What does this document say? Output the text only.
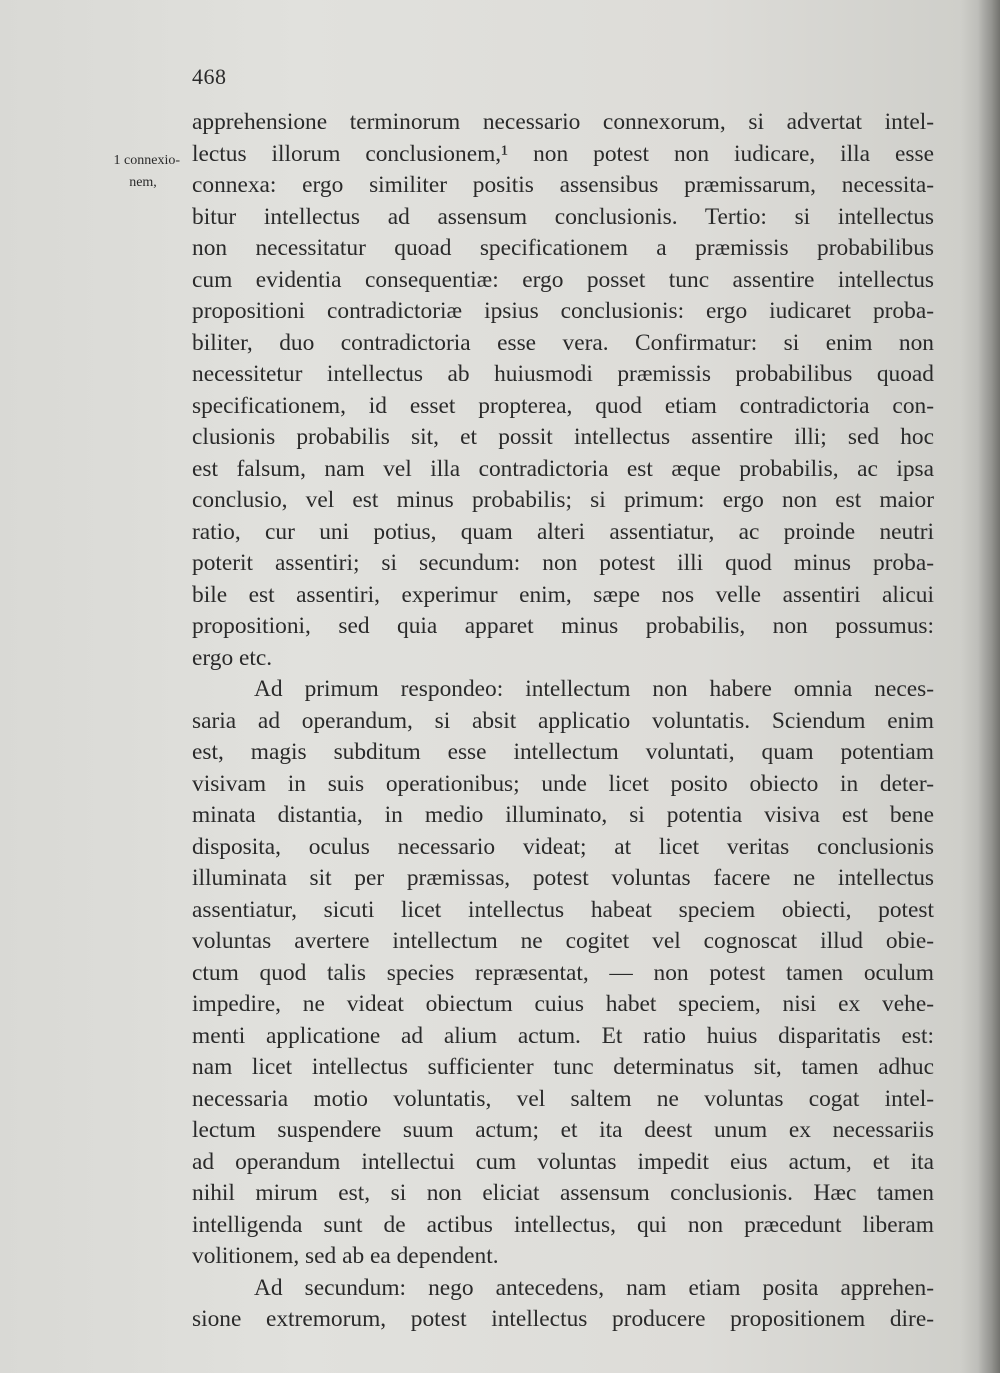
468
1 connexio-
nem,
apprehensione terminorum necessario connexorum, si advertat intel-
lectus illorum conclusionem,¹ non potest non iudicare, illa esse
connexa: ergo similiter positis assensibus præmissarum, necessita-
bitur intellectus ad assensum conclusionis. Tertio: si intellectus
non necessitatur quoad specificationem a præmissis probabilibus
cum evidentia consequentiæ: ergo posset tunc assentire intellectus
propositioni contradictoriæ ipsius conclusionis: ergo iudicaret proba-
biliter, duo contradictoria esse vera. Confirmatur: si enim non
necessitetur intellectus ab huiusmodi præmissis probabilibus quoad
specificationem, id esset propterea, quod etiam contradictoria con-
clusionis probabilis sit, et possit intellectus assentire illi; sed hoc
est falsum, nam vel illa contradictoria est æque probabilis, ac ipsa
conclusio, vel est minus probabilis; si primum: ergo non est maior
ratio, cur uni potius, quam alteri assentiatur, ac proinde neutri
poterit assentiri; si secundum: non potest illi quod minus proba-
bile est assentiri, experimur enim, sæpe nos velle assentiri alicui
propositioni, sed quia apparet minus probabilis, non possumus:
ergo etc.
Ad primum respondeo: intellectum non habere omnia neces-
saria ad operandum, si absit applicatio voluntatis. Sciendum enim
est, magis subditum esse intellectum voluntati, quam potentiam
visivam in suis operationibus; unde licet posito obiecto in deter-
minata distantia, in medio illuminato, si potentia visiva est bene
disposita, oculus necessario videat; at licet veritas conclusionis
illuminata sit per præmissas, potest voluntas facere ne intellectus
assentiatur, sicuti licet intellectus habeat speciem obiecti, potest
voluntas avertere intellectum ne cogitet vel cognoscat illud obie-
ctum quod talis species repræsentat, — non potest tamen oculum
impedire, ne videat obiectum cuius habet speciem, nisi ex vehe-
menti applicatione ad alium actum. Et ratio huius disparitatis est:
nam licet intellectus sufficienter tunc determinatus sit, tamen adhuc
necessaria motio voluntatis, vel saltem ne voluntas cogat intel-
lectum suspendere suum actum; et ita deest unum ex necessariis
ad operandum intellectui cum voluntas impedit eius actum, et ita
nihil mirum est, si non eliciat assensum conclusionis. Hæc tamen
intelligenda sunt de actibus intellectus, qui non præcedunt liberam
volitionem, sed ab ea dependent.
Ad secundum: nego antecedens, nam etiam posita apprehen-
sione extremorum, potest intellectus producere propositionem dire-
